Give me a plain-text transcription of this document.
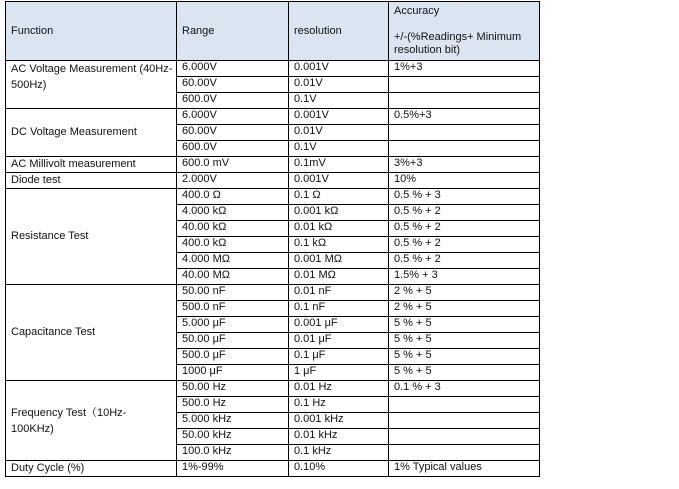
Function	Range	resolution	Accuracy
+/-(%Readings+ Minimum resolution bit)
AC Voltage Measurement (40Hz-500Hz)	6.000V	0.001V	1%+3
	60.00V	0.01V	
	600.0V	0.1V	
DC Voltage Measurement	6.000V	0.001V	0.5%+3
	60.00V	0.01V	
	600.0V	0.1V	
AC Millivolt measurement	600.0 mV	0.1mV	3%+3
Diode test	2.000V	0.001V	10%
Resistance Test	400.0 Ω	0.1 Ω	0.5 % + 3
	4.000 kΩ	0.001 kΩ	0.5 % + 2
	40.00 kΩ	0.01 kΩ	0.5 % + 2
	400.0 kΩ	0.1 kΩ	0.5 % + 2
	4.000 MΩ	0.001 MΩ	0.5 % + 2
	40.00 MΩ	0.01 MΩ	1.5% + 3
Capacitance Test	50.00 nF	0.01 nF	2 % + 5
	500.0 nF	0.1 nF	2 % + 5
	5.000 μF	0.001 μF	5 % + 5
	50.00 μF	0.01 μF	5 % + 5
	500.0 μF	0.1 μF	5 % + 5
	1000 μF	1 μF	5 % + 5
Frequency Test（10Hz-100KHz)	50.00 Hz	0.01 Hz	0.1 % + 3
	500.0 Hz	0.1 Hz	
	5.000 kHz	0.001 kHz	
	50.00 kHz	0.01 kHz	
	100.0 kHz	0.1 kHz	
Duty Cycle (%)	1%-99%	0.10%	1% Typical values
